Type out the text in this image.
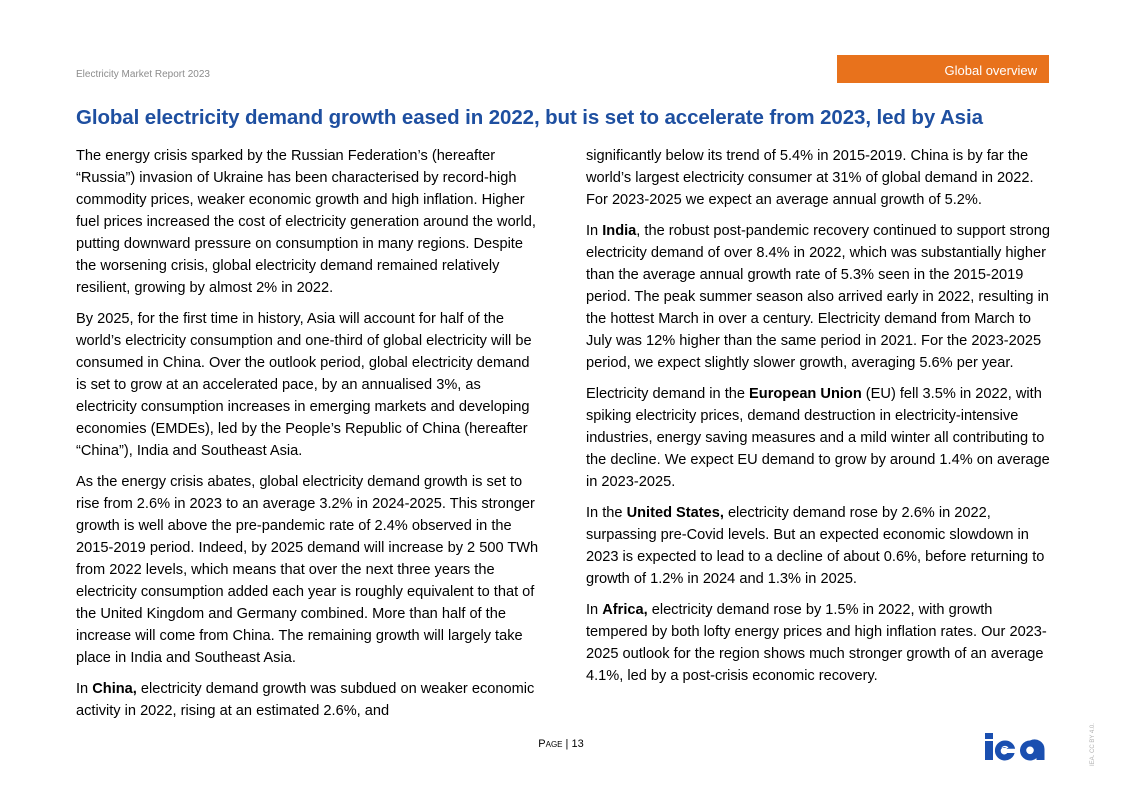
Electricity Market Report 2023	Global overview
Global electricity demand growth eased in 2022, but is set to accelerate from 2023, led by Asia

The energy crisis sparked by the Russian Federation’s (hereafter “Russia”) invasion of Ukraine has been characterised by record-high commodity prices, weaker economic growth and high inflation. Higher fuel prices increased the cost of electricity generation around the world, putting downward pressure on consumption in many regions. Despite the worsening crisis, global electricity demand remained relatively resilient, growing by almost 2% in 2022.

By 2025, for the first time in history, Asia will account for half of the world’s electricity consumption and one-third of global electricity will be consumed in China. Over the outlook period, global electricity demand is set to grow at an accelerated pace, by an annualised 3%, as electricity consumption increases in emerging markets and developing economies (EMDEs), led by the People’s Republic of China (hereafter “China”), India and Southeast Asia.

As the energy crisis abates, global electricity demand growth is set to rise from 2.6% in 2023 to an average 3.2% in 2024-2025. This stronger growth is well above the pre-pandemic rate of 2.4% observed in the 2015-2019 period. Indeed, by 2025 demand will increase by 2 500 TWh from 2022 levels, which means that over the next three years the electricity consumption added each year is roughly equivalent to that of the United Kingdom and Germany combined. More than half of the increase will come from China. The remaining growth will largely take place in India and Southeast Asia.

In China, electricity demand growth was subdued on weaker economic activity in 2022, rising at an estimated 2.6%, and

significantly below its trend of 5.4% in 2015-2019. China is by far the world’s largest electricity consumer at 31% of global demand in 2022. For 2023-2025 we expect an average annual growth of 5.2%.

In India, the robust post-pandemic recovery continued to support strong electricity demand of over 8.4% in 2022, which was substantially higher than the average annual growth rate of 5.3% seen in the 2015-2019 period. The peak summer season also arrived early in 2022, resulting in the hottest March in over a century. Electricity demand from March to July was 12% higher than the same period in 2021. For the 2023-2025 period, we expect slightly slower growth, averaging 5.6% per year.

Electricity demand in the European Union (EU) fell 3.5% in 2022, with spiking electricity prices, demand destruction in electricity-intensive industries, energy saving measures and a mild winter all contributing to the decline. We expect EU demand to grow by around 1.4% on average in 2023-2025.

In the United States, electricity demand rose by 2.6% in 2022, surpassing pre-Covid levels. But an expected economic slowdown in 2023 is expected to lead to a decline of about 0.6%, before returning to growth of 1.2% in 2024 and 1.3% in 2025.

In Africa, electricity demand rose by 1.5% in 2022, with growth tempered by both lofty energy prices and high inflation rates. Our 2023-2025 outlook for the region shows much stronger growth of an average 4.1%, led by a post-crisis economic recovery.

Page | 13	IEA. CC BY 4.0.
